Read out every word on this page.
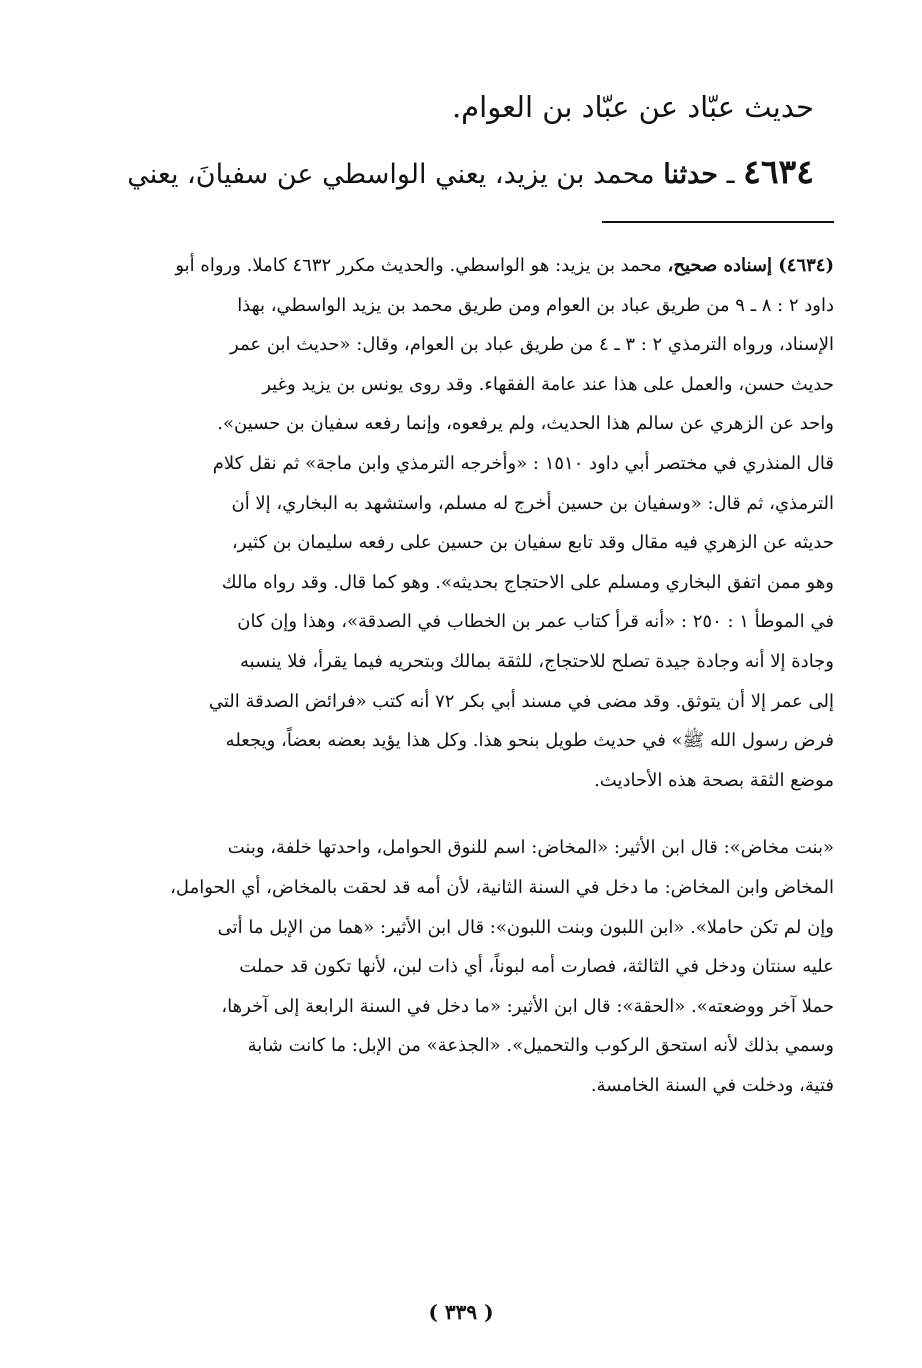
حديث عبّاد عن عبّاد بن العوام.
٤٦٣٤ ـ حدثنا محمد بن يزيد، يعني الواسطي عن سفيانَ، يعني
(٤٦٣٤) إسناده صحيح، محمد بن يزيد: هو الواسطي. والحديث مكرر ٤٦٣٢ كاملا. ورواه أبو
داود ٢ : ٨ ـ ٩ من طريق عباد بن العوام ومن طريق محمد بن يزيد الواسطي، بهذا
الإسناد، ورواه الترمذي ٢ : ٣ ـ ٤ من طريق عباد بن العوام، وقال: «حديث ابن عمر
حديث حسن، والعمل على هذا عند عامة الفقهاء. وقد روى يونس بن يزيد وغير
واحد عن الزهري عن سالم هذا الحديث، ولم يرفعوه، وإنما رفعه سفيان بن حسين».
قال المنذري في مختصر أبي داود ١٥١٠ : «وأخرجه الترمذي وابن ماجة» ثم نقل كلام
الترمذي، ثم قال: «وسفيان بن حسين أخرج له مسلم، واستشهد به البخاري، إلا أن
حديثه عن الزهري فيه مقال وقد تابع سفيان بن حسين على رفعه سليمان بن كثير،
وهو ممن اتفق البخاري ومسلم على الاحتجاج بحديثه». وهو كما قال. وقد رواه مالك
في الموطأ ١ : ٢٥٠ : «أنه قرأ كتاب عمر بن الخطاب في الصدقة»، وهذا وإن كان
وجادة إلا أنه وجادة جيدة تصلح للاحتجاج، للثقة بمالك وبتحريه فيما يقرأ، فلا ينسبه
إلى عمر إلا أن يتوثق. وقد مضى في مسند أبي بكر ٧٢ أنه كتب «فرائض الصدقة التي
فرض رسول الله ﷺ» في حديث طويل بنحو هذا. وكل هذا يؤيد بعضه بعضاً، ويجعله
موضع الثقة بصحة هذه الأحاديث.
«بنت مخاض»: قال ابن الأثير: «المخاض: اسم للنوق الحوامل، واحدتها خلفة، وبنت
المخاض وابن المخاض: ما دخل في السنة الثانية، لأن أمه قد لحقت بالمخاض، أي الحوامل،
وإن لم تكن حاملا». «ابن اللبون وبنت اللبون»: قال ابن الأثير: «هما من الإبل ما أتى
عليه سنتان ودخل في الثالثة، فصارت أمه لبوناً، أي ذات لبن، لأنها تكون قد حملت
حملا آخر ووضعته». «الحقة»: قال ابن الأثير: «ما دخل في السنة الرابعة إلى آخرها،
وسمي بذلك لأنه استحق الركوب والتحميل». «الجذعة» من الإبل: ما كانت شابة
فتية، ودخلت في السنة الخامسة.
( ٣٣٩ )
